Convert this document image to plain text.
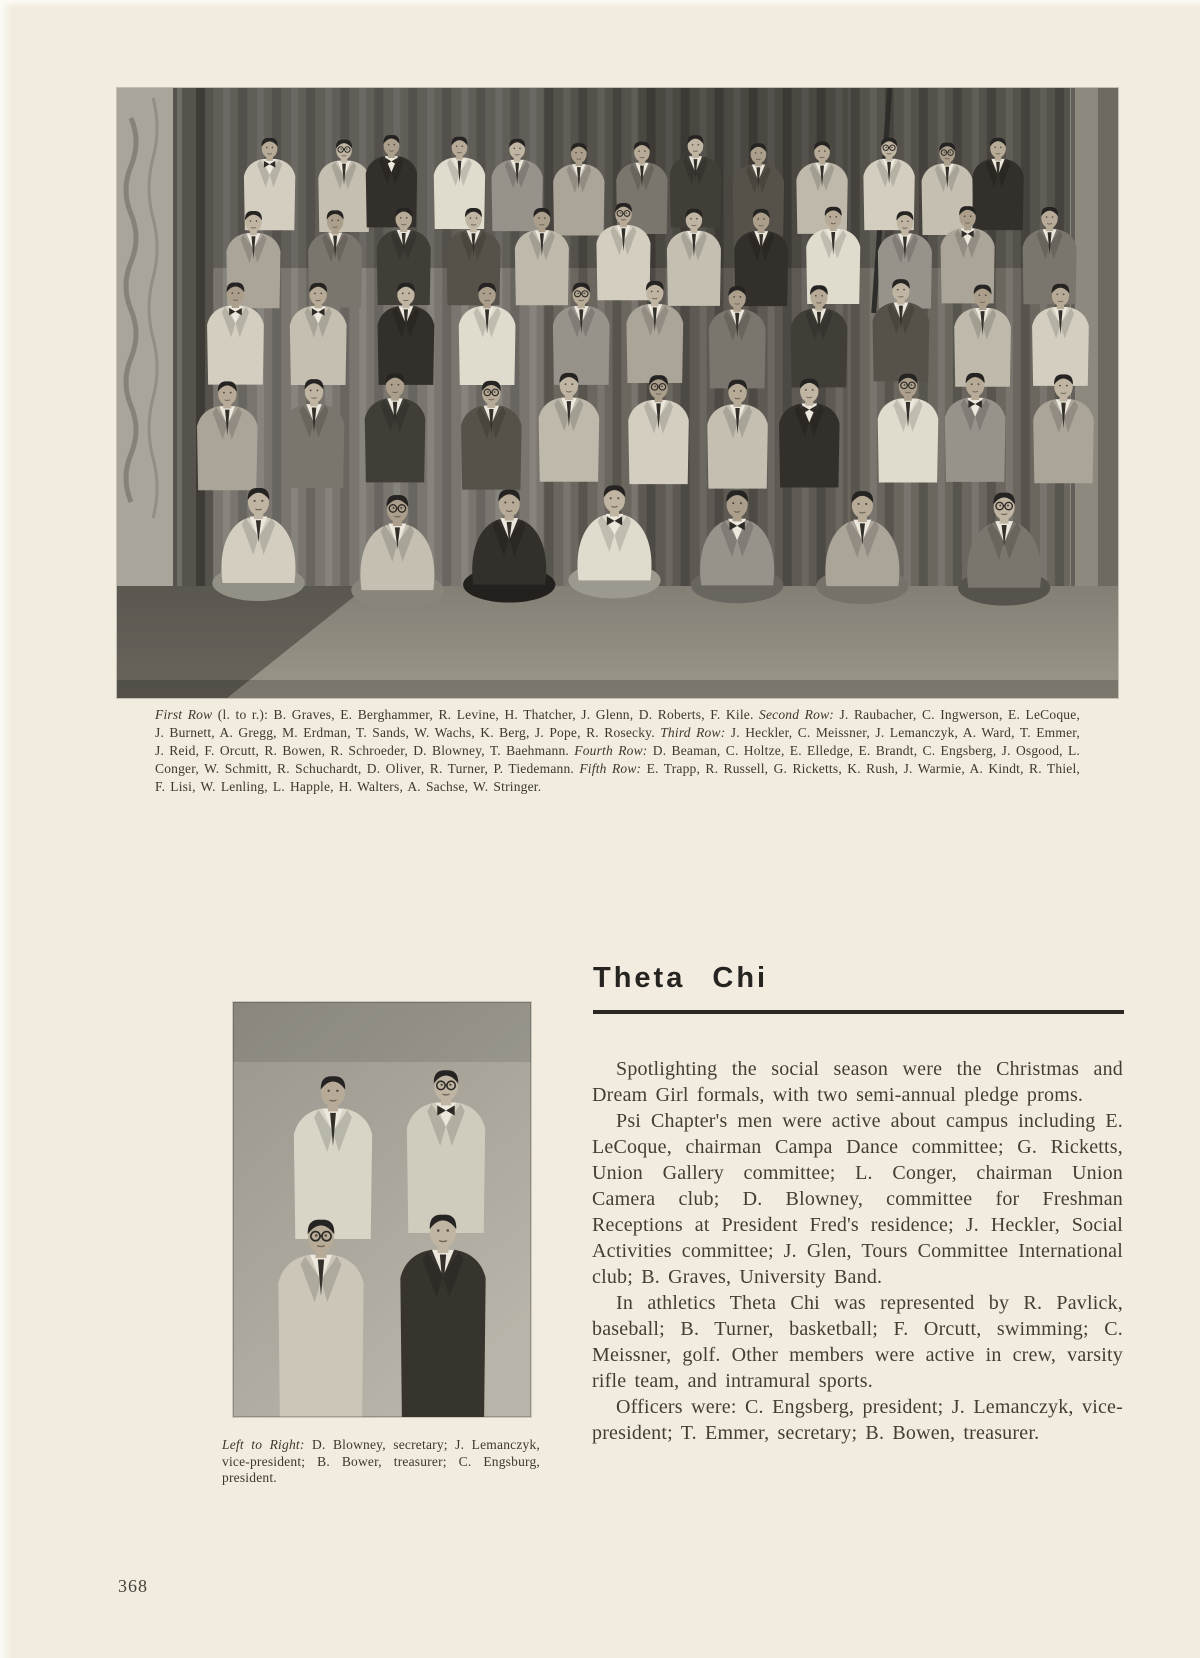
First Row (l. to r.): B. Graves, E. Berghammer, R. Levine, H. Thatcher, J. Glenn, D. Roberts, F. Kile. Second Row: J. Raubacher, C. Ingwerson, E. LeCoque, J. Burnett, A. Gregg, M. Erdman, T. Sands, W. Wachs, K. Berg, J. Pope, R. Rosecky. Third Row: J. Heckler, C. Meissner, J. Lemanczyk, A. Ward, T. Emmer, J. Reid, F. Orcutt, R. Bowen, R. Schroeder, D. Blowney, T. Baehmann. Fourth Row: D. Beaman, C. Holtze, E. Elledge, E. Brandt, C. Engsberg, J. Osgood, L. Conger, W. Schmitt, R. Schuchardt, D. Oliver, R. Turner, P. Tiedemann. Fifth Row: E. Trapp, R. Russell, G. Ricketts, K. Rush, J. Warmie, A. Kindt, R. Thiel, F. Lisi, W. Lenling, L. Happle, H. Walters, A. Sachse, W. Stringer.

Theta Chi

Left to Right: D. Blowney, secretary; J. Lemanczyk, vice-president; B. Bower, treasurer; C. Engsburg, president.

Spotlighting the social season were the Christmas and Dream Girl formals, with two semi-annual pledge proms.

Psi Chapter's men were active about campus including E. LeCoque, chairman Campa Dance committee; G. Ricketts, Union Gallery committee; L. Conger, chairman Union Camera club; D. Blowney, committee for Freshman Receptions at President Fred's residence; J. Heckler, Social Activities committee; J. Glen, Tours Committee International club; B. Graves, University Band.

In athletics Theta Chi was represented by R. Pavlick, baseball; B. Turner, basketball; F. Orcutt, swimming; C. Meissner, golf. Other members were active in crew, varsity rifle team, and intramural sports.

Officers were: C. Engsberg, president; J. Lemanczyk, vice-president; T. Emmer, secretary; B. Bowen, treasurer.

368
